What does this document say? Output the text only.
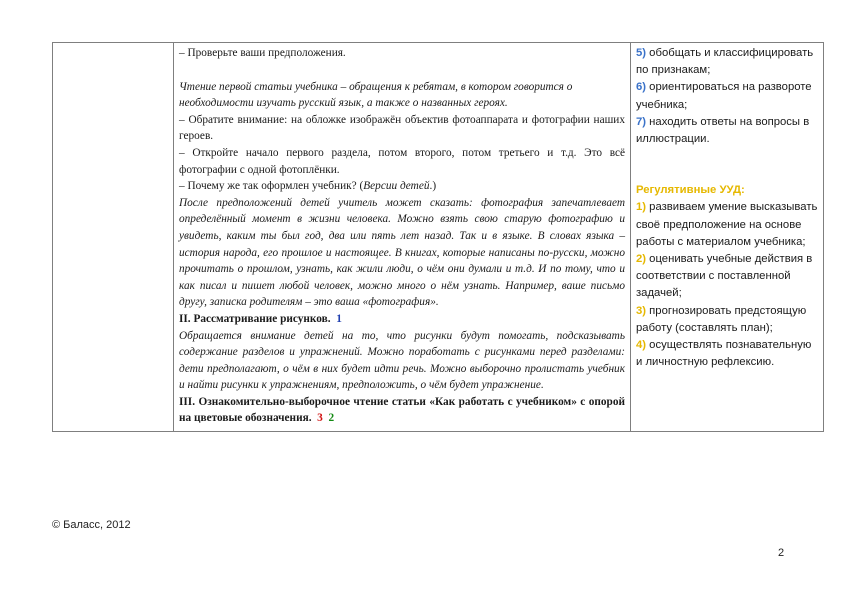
– Проверьте ваши предположения.

Чтение первой статьи учебника – обращения к ребятам, в котором говорится о необходимости изучать русский язык, а также о названных героях.

– Обратите внимание: на обложке изображён объектив фотоаппарата и фотографии наших героев.

– Откройте начало первого раздела, потом второго, потом третьего и т.д. Это всё фотографии с одной фотоплёнки.

– Почему же так оформлен учебник? (Версии детей.)

После предположений детей учитель может сказать: фотография запечатлевает определённый момент в жизни человека. Можно взять свою старую фотографию и увидеть, каким ты был год, два или пять лет назад. Так и в языке. В словах языка – история народа, его прошлое и настоящее. В книгах, которые написаны по-русски, можно прочитать о прошлом, узнать, как жили люди, о чём они думали и т.д. И по тому, что и как писал и пишет любой человек, можно много о нём узнать. Например, ваше письмо другу, записка родителям – это ваша «фотография».

II. Рассматривание рисунков. 1

Обращается внимание детей на то, что рисунки будут помогать, подсказывать содержание разделов и упражнений. Можно поработать с рисунками перед разделами: дети предполагают, о чём в них будет идти речь. Можно выборочно пролистать учебник и найти рисунки к упражнениям, предположить, о чём будет упражнение.

III. Ознакомительно-выборочное чтение статьи «Как работать с учебником» с опорой на цветовые обозначения. 3 2

5) обобщать и классифицировать по признакам;

6) ориентироваться на развороте учебника;

7) находить ответы на вопросы в иллюстрации.

Регулятивные УУД:

1) развиваем умение высказывать своё предположение на основе работы с материалом учебника;

2) оценивать учебные действия в соответствии с поставленной задачей;

3) прогнозировать предстоящую работу (составлять план);

4) осуществлять познавательную и личностную рефлексию.

© Баласс, 2012
2
